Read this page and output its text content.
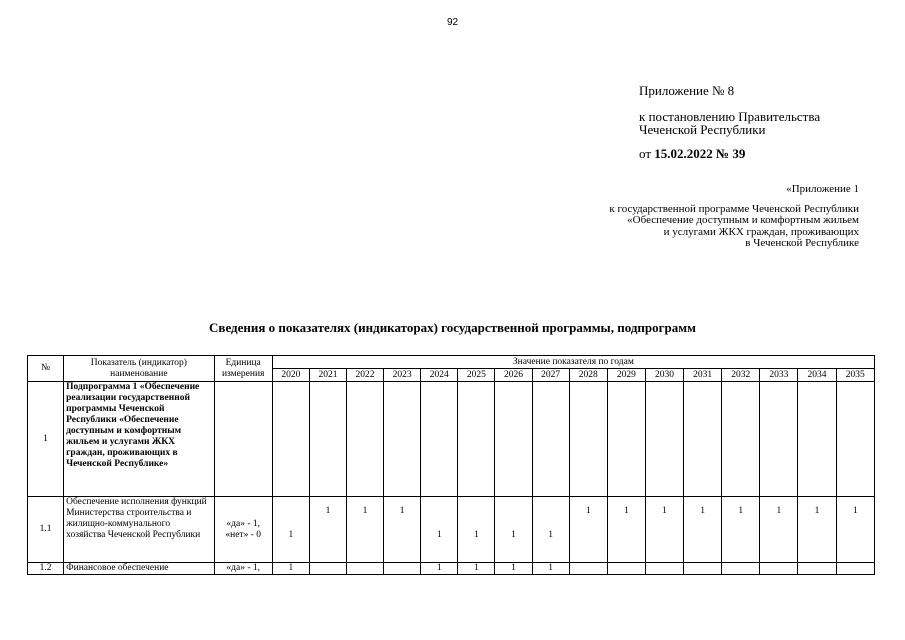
92

Приложение № 8

к постановлению Правительства

Чеченской Республики

от 15.02.2022 № 39

«Приложение 1

к государственной программе Чеченской Республики

«Обеспечение доступным и комфортным жильем

и услугами ЖКХ граждан, проживающих

в Чеченской Республике

Сведения о показателях (индикаторах) государственной программы, подпрограмм
№	Показатель (индикатор) наименование	Единица измерения	Значение показателя по годам															
			2020	2021	2022	2023	2024	2025	2026	2027	2028	2029	2030	2031	2032	2033	2034	2035
1	Подпрограмма 1 «Обеспечение реализации государственной программы Чеченской Республики «Обеспечение доступным и комфортным жильем и услугами ЖКХ граждан, проживающих в Чеченской Республике»																	
1.1	Обеспечение исполнения функций Министерства строительства и жилищно-коммунального хозяйства Чеченской Республики	«да» - 1, «нет» - 0	1	1	1	1	1	1	1	1	1	1	1	1	1	1	1	1
1.2	Финансовое обеспечение	«да» - 1,	1				1	1	1	1								
